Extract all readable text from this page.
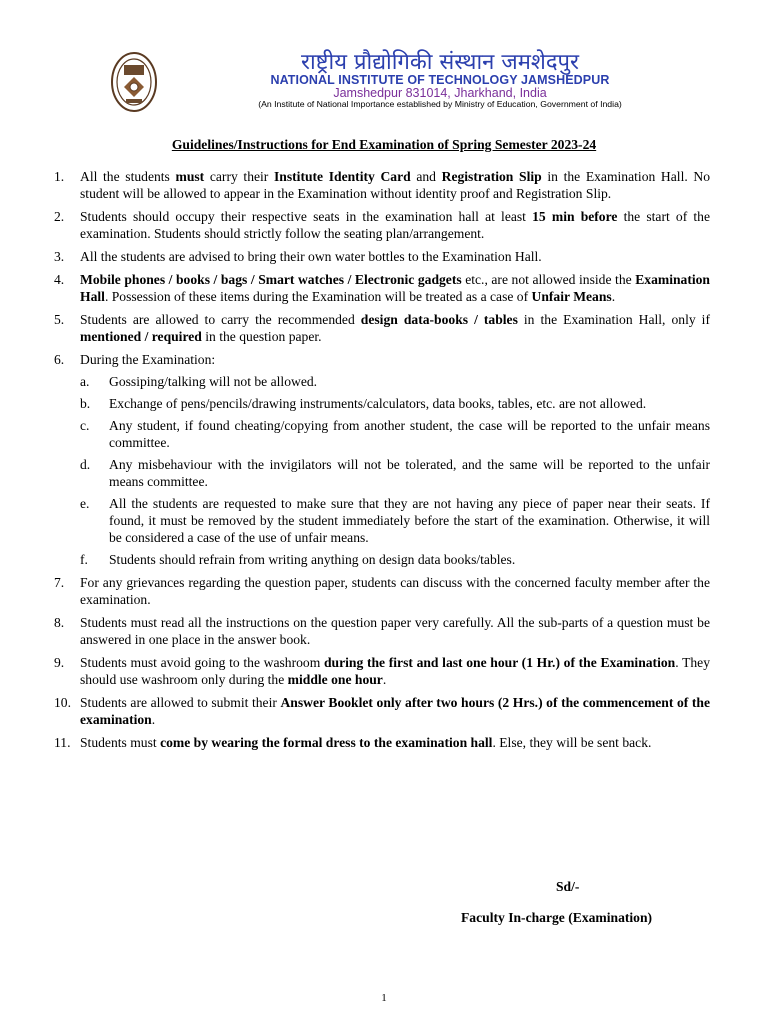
राष्ट्रीय प्रौद्योगिकी संस्थान जमशेदपुर
NATIONAL INSTITUTE OF TECHNOLOGY JAMSHEDPUR
Jamshedpur 831014, Jharkhand, India
(An Institute of National Importance established by Ministry of Education, Government of India)
Guidelines/Instructions for End Examination of Spring Semester 2023-24
1.	All the students must carry their Institute Identity Card and Registration Slip in the Examination Hall. No student will be allowed to appear in the Examination without identity proof and Registration Slip.
2.	Students should occupy their respective seats in the examination hall at least 15 min before the start of the examination. Students should strictly follow the seating plan/arrangement.
3.	All the students are advised to bring their own water bottles to the Examination Hall.
4.	Mobile phones / books / bags / Smart watches / Electronic gadgets etc., are not allowed inside the Examination Hall. Possession of these items during the Examination will be treated as a case of Unfair Means.
5.	Students are allowed to carry the recommended design data-books / tables in the Examination Hall, only if mentioned / required in the question paper.
6.	During the Examination:
a.	Gossiping/talking will not be allowed.
b.	Exchange of pens/pencils/drawing instruments/calculators, data books, tables, etc. are not allowed.
c.	Any student, if found cheating/copying from another student, the case will be reported to the unfair means committee.
d.	Any misbehaviour with the invigilators will not be tolerated, and the same will be reported to the unfair means committee.
e.	All the students are requested to make sure that they are not having any piece of paper near their seats. If found, it must be removed by the student immediately before the start of the examination. Otherwise, it will be considered a case of the use of unfair means.
f.	Students should refrain from writing anything on design data books/tables.
7.	For any grievances regarding the question paper, students can discuss with the concerned faculty member after the examination.
8.	Students must read all the instructions on the question paper very carefully. All the sub-parts of a question must be answered in one place in the answer book.
9.	Students must avoid going to the washroom during the first and last one hour (1 Hr.) of the Examination. They should use washroom only during the middle one hour.
10. Students are allowed to submit their Answer Booklet only after two hours (2 Hrs.) of the commencement of the examination.
11. Students must come by wearing the formal dress to the examination hall. Else, they will be sent back.
Sd/-
Faculty In-charge (Examination)
1
